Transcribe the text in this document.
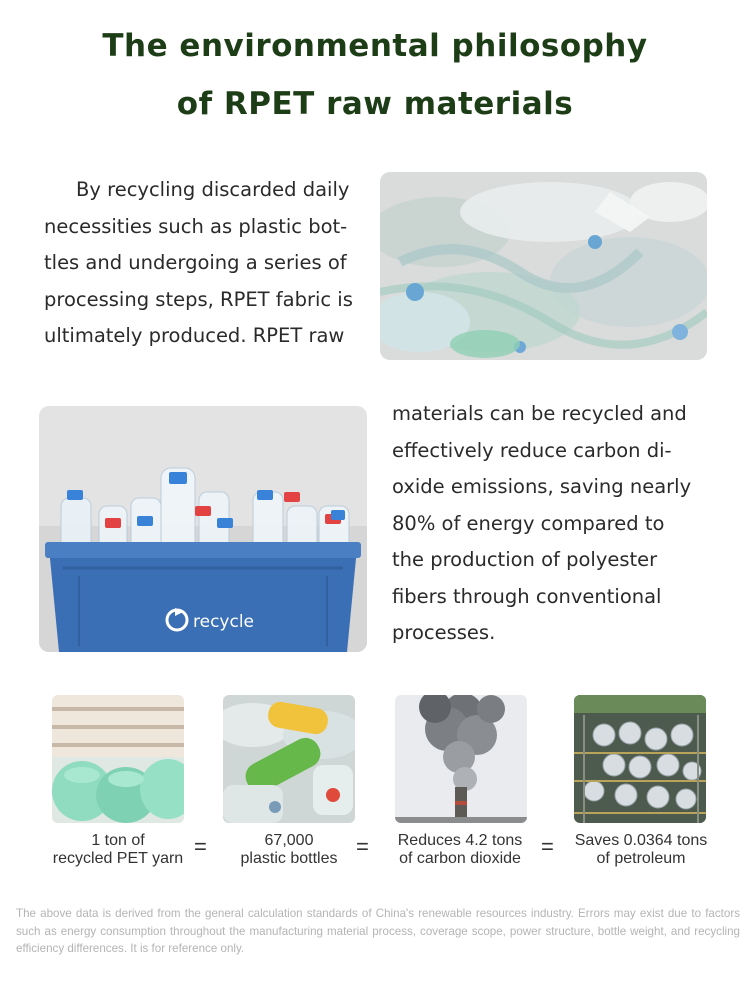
The environmental philosophy
of RPET raw materials
By recycling discarded daily
necessities such as plastic bot-
tles and undergoing a series of
processing steps, RPET fabric is
ultimately produced. RPET raw
recycle
materials can be recycled and
effectively reduce carbon di-
oxide emissions, saving nearly
80% of energy compared to
the production of polyester
fibers through conventional
processes.
1 ton of
recycled PET yarn =	67,000
plastic bottles =	Reduces 4.2 tons
of carbon dioxide =	Saves 0.0364 tons
of petroleum
The above data is derived from the general calculation standards of China's renewable resources industry. Errors may exist due to factors such as energy consumption throughout the manufacturing material process, coverage scope, power structure, bottle weight, and recycling efficiency differences. It is for reference only.
